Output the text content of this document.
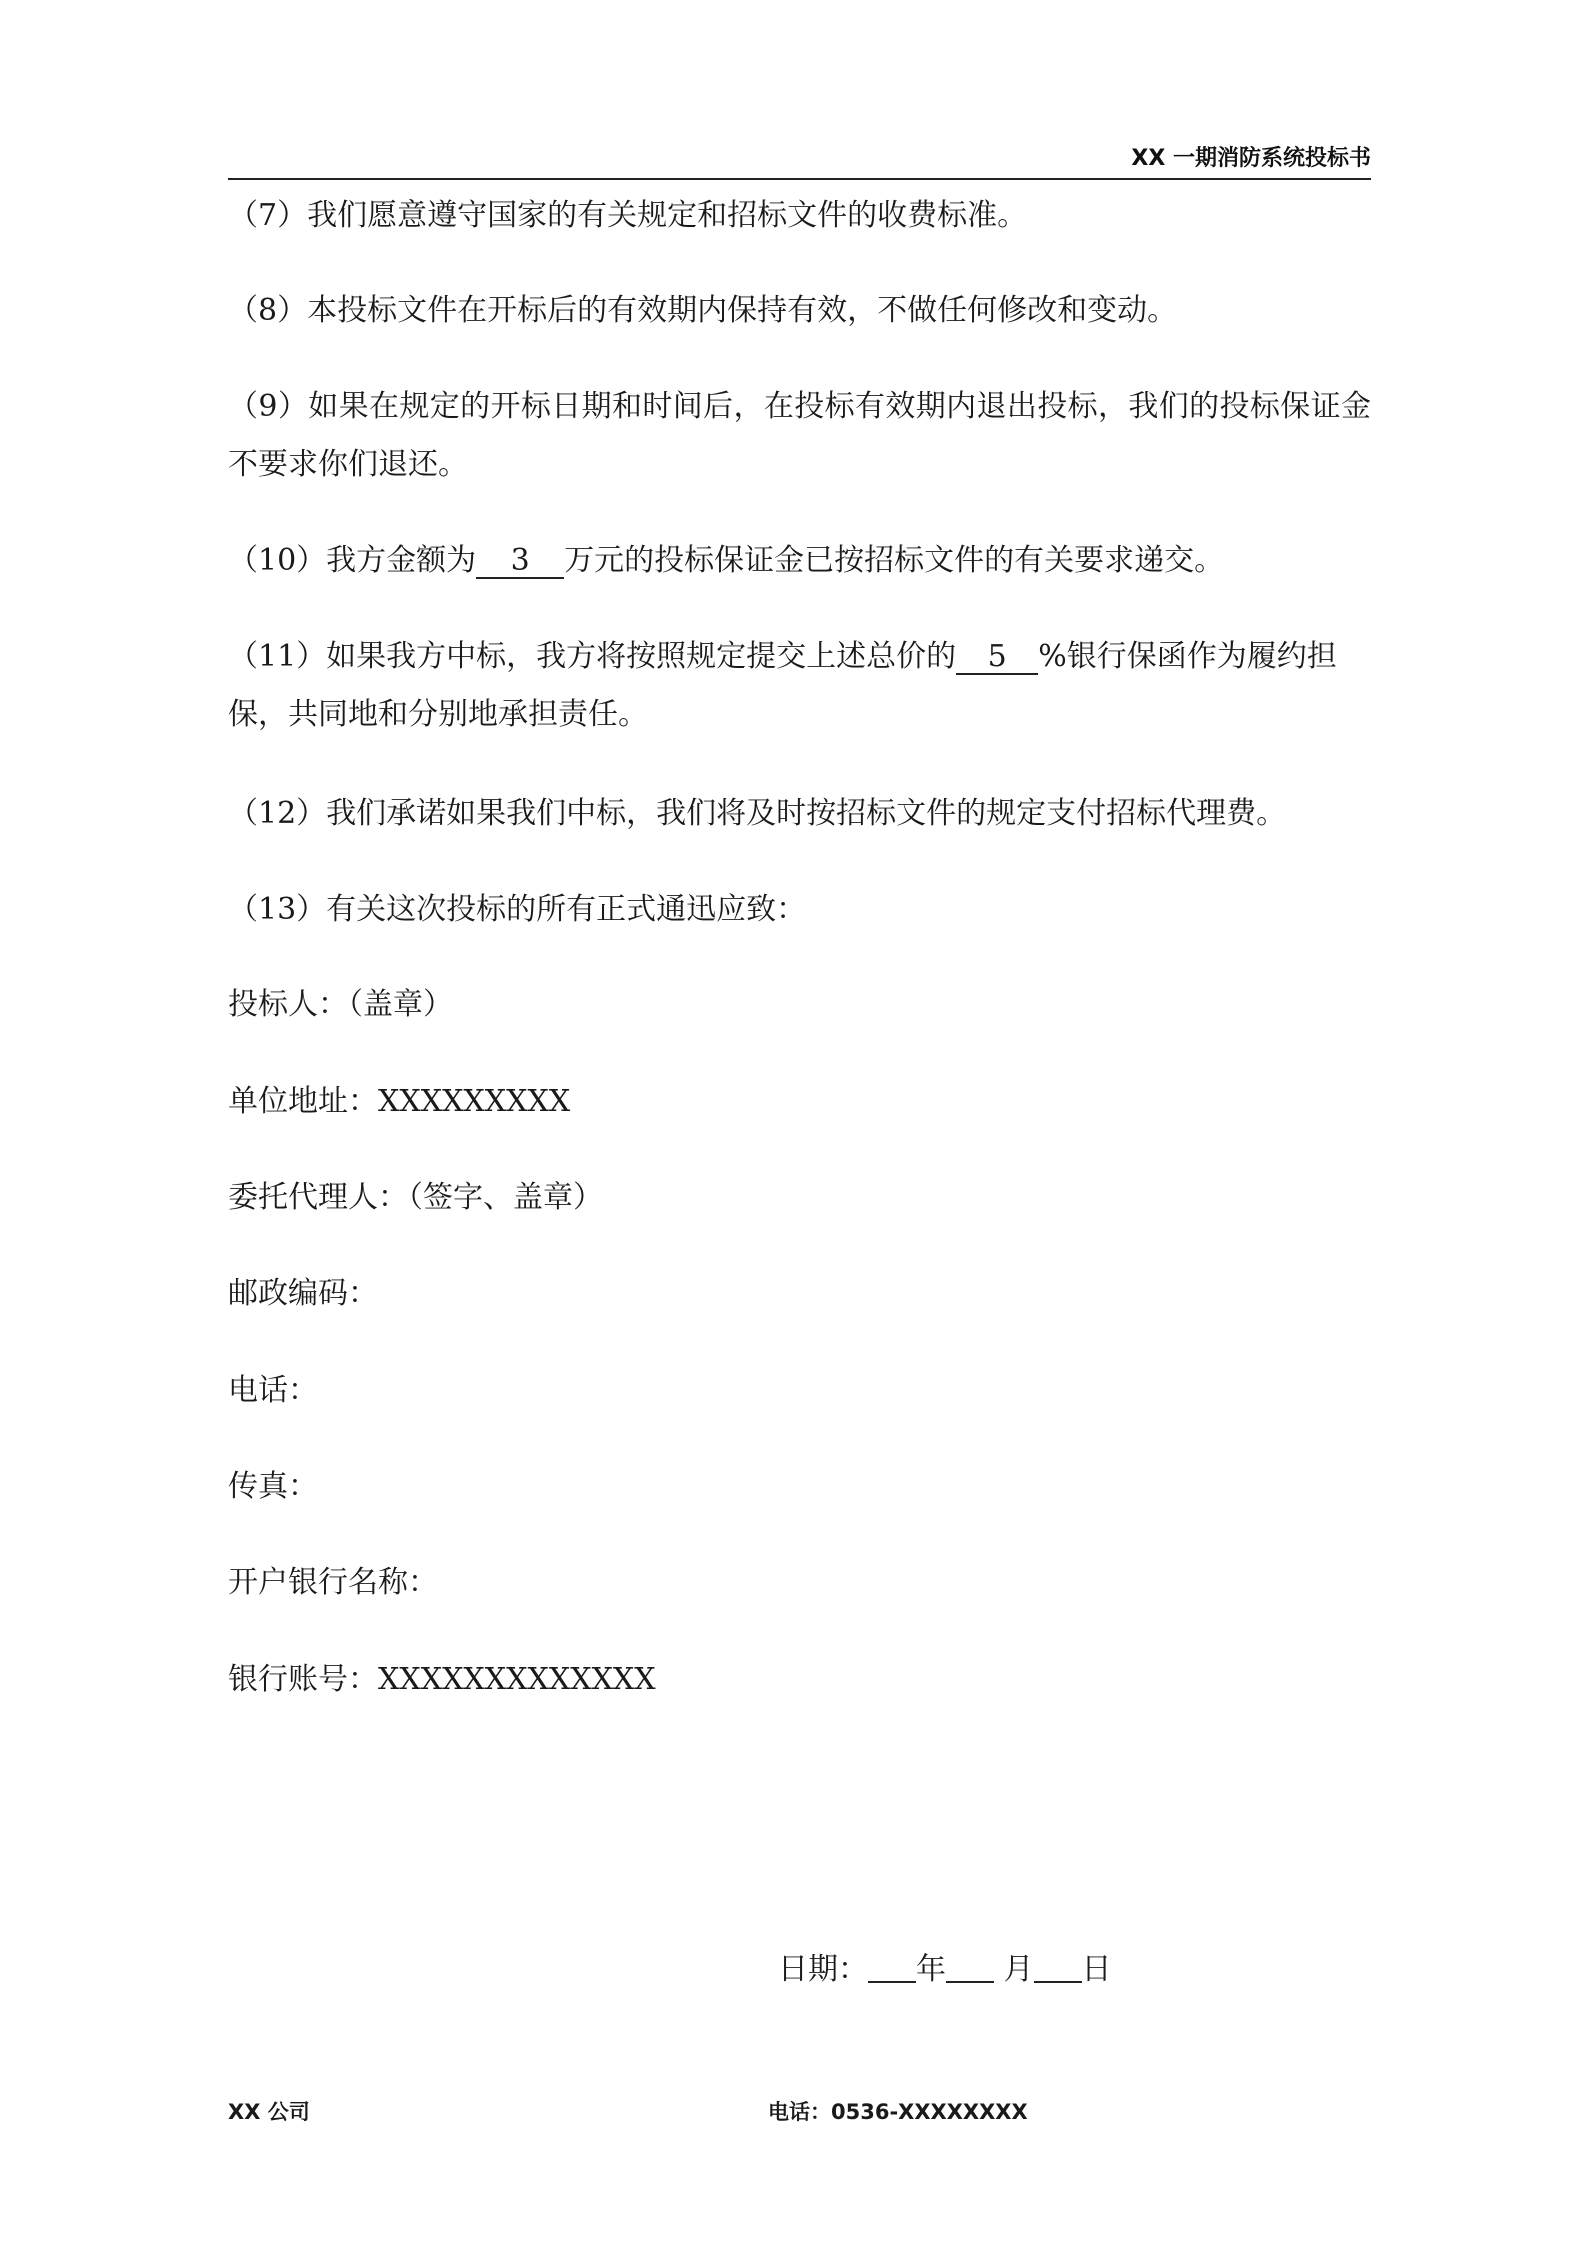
XX 一期消防系统投标书
（7）我们愿意遵守国家的有关规定和招标文件的收费标准。
（8）本投标文件在开标后的有效期内保持有效，不做任何修改和变动。
（9）如果在规定的开标日期和时间后，在投标有效期内退出投标，我们的投标保证金不要求你们退还。
（10）我方金额为 3 万元的投标保证金已按招标文件的有关要求递交。
（11）如果我方中标，我方将按照规定提交上述总价的 5 %银行保函作为履约担保，共同地和分别地承担责任。
（12）我们承诺如果我们中标，我们将及时按招标文件的规定支付招标代理费。
（13）有关这次投标的所有正式通迅应致：
投标人：（盖章）
单位地址：XXXXXXXXX
委托代理人：（签字、盖章）
邮政编码：
电话：
传真：
开户银行名称：
银行账号：XXXXXXXXXXXXX
日期： 年 月 日
XX 公司	电话：0536-XXXXXXXX
